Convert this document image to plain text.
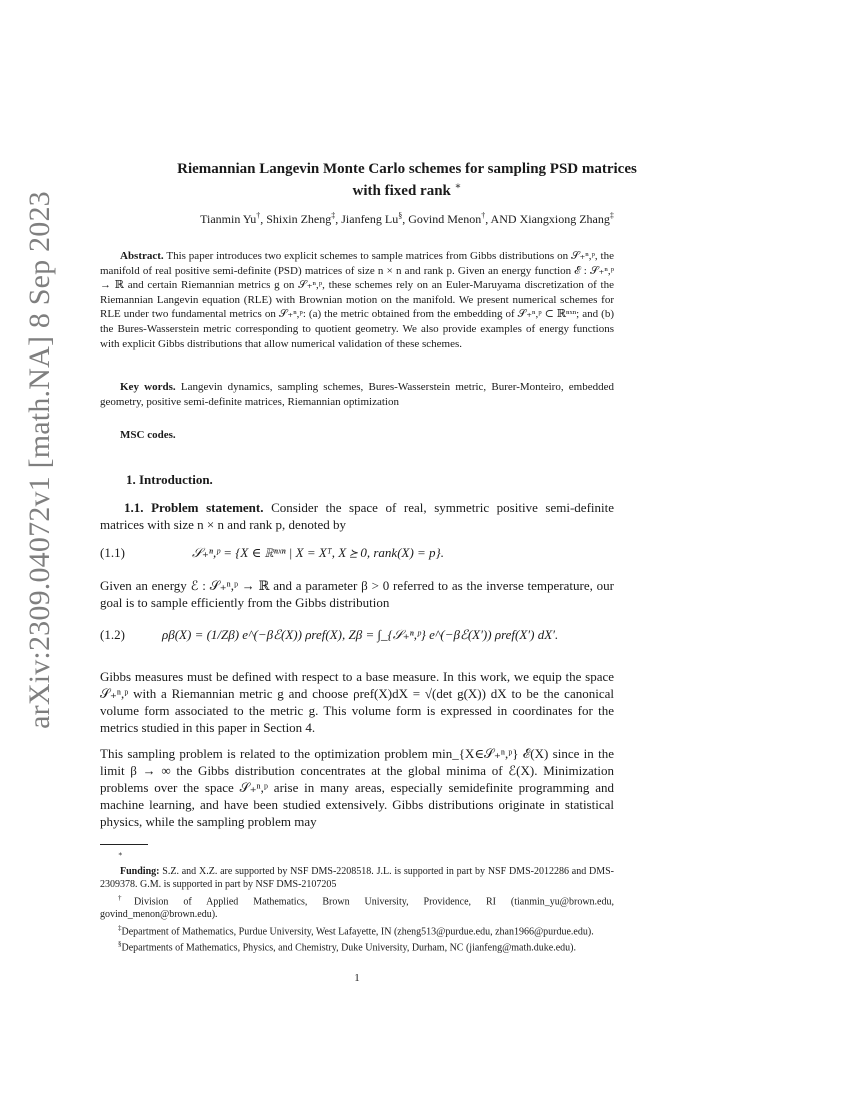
arXiv:2309.04072v1 [math.NA] 8 Sep 2023
Riemannian Langevin Monte Carlo schemes for sampling PSD matrices
with fixed rank ∗
Tianmin Yu†, Shixin Zheng‡, Jianfeng Lu§, Govind Menon†, AND Xiangxiong Zhang‡
Abstract. This paper introduces two explicit schemes to sample matrices from Gibbs distributions on 𝒮₊ⁿ,ᵖ, the manifold of real positive semi-definite (PSD) matrices of size n × n and rank p. Given an energy function ℰ : 𝒮₊ⁿ,ᵖ → ℝ and certain Riemannian metrics g on 𝒮₊ⁿ,ᵖ, these schemes rely on an Euler-Maruyama discretization of the Riemannian Langevin equation (RLE) with Brownian motion on the manifold. We present numerical schemes for RLE under two fundamental metrics on 𝒮₊ⁿ,ᵖ: (a) the metric obtained from the embedding of 𝒮₊ⁿ,ᵖ ⊂ ℝⁿˣⁿ; and (b) the Bures-Wasserstein metric corresponding to quotient geometry. We also provide examples of energy functions with explicit Gibbs distributions that allow numerical validation of these schemes.
Key words. Langevin dynamics, sampling schemes, Bures-Wasserstein metric, Burer-Monteiro, embedded geometry, positive semi-definite matrices, Riemannian optimization
MSC codes.
1. Introduction.
1.1. Problem statement. Consider the space of real, symmetric positive semi-definite matrices with size n × n and rank p, denoted by
(1.1)	𝒮₊ⁿ,ᵖ = {X ∈ ℝⁿˣⁿ | X = Xᵀ, X ⪰ 0, rank(X) = p}.
Given an energy ℰ : 𝒮₊ⁿ,ᵖ → ℝ and a parameter β > 0 referred to as the inverse temperature, our goal is to sample efficiently from the Gibbs distribution
(1.2)	ρβ(X) = (1/Zβ) e^(−βℰ(X)) ρref(X), Zβ = ∫_{𝒮₊ⁿ,ᵖ} e^(−βℰ(X′)) ρref(X′) dX′.
Gibbs measures must be defined with respect to a base measure. In this work, we equip the space 𝒮₊ⁿ,ᵖ with a Riemannian metric g and choose ρref(X)dX = √(det g(X)) dX to be the canonical volume form associated to the metric g. This volume form is expressed in coordinates for the metrics studied in this paper in Section 4.
This sampling problem is related to the optimization problem min_{X∈𝒮₊ⁿ,ᵖ} ℰ(X) since in the limit β → ∞ the Gibbs distribution concentrates at the global minima of ℰ(X). Minimization problems over the space 𝒮₊ⁿ,ᵖ arise in many areas, especially semidefinite programming and machine learning, and have been studied extensively. Gibbs distributions originate in statistical physics, while the sampling problem may

∗

Funding: S.Z. and X.Z. are supported by NSF DMS-2208518. J.L. is supported in part by NSF DMS-2012286 and DMS-2309378. G.M. is supported in part by NSF DMS-2107205

†Division of Applied Mathematics, Brown University, Providence, RI (tianmin_yu@brown.edu, govind_menon@brown.edu).

‡Department of Mathematics, Purdue University, West Lafayette, IN (zheng513@purdue.edu, zhan1966@purdue.edu).

§Departments of Mathematics, Physics, and Chemistry, Duke University, Durham, NC (jianfeng@math.duke.edu).

1
